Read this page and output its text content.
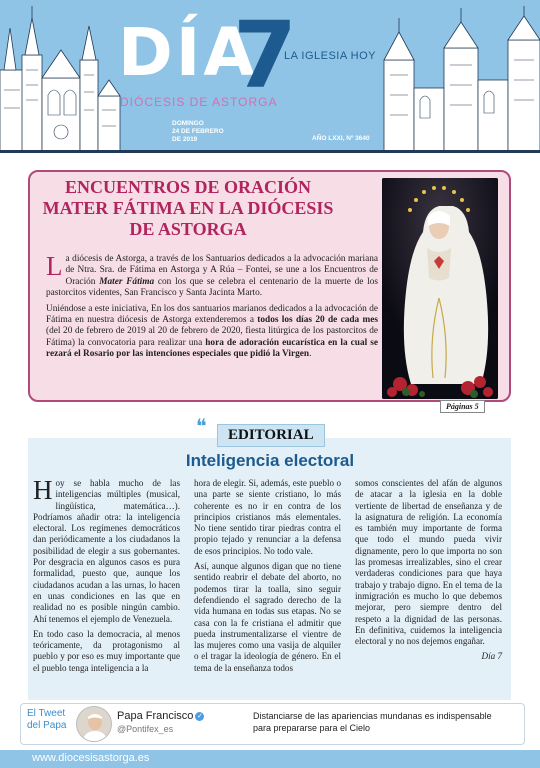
DÍA
7
LA IGLESIA HOY
DIÓCESIS DE ASTORGA
DOMINGO
24 DE FEBRERO
DE 2019	AÑO LXXI, Nº 3640
ENCUENTROS DE ORACIÓN MATER FÁTIMA EN LA DIÓCESIS DE ASTORGA

La diócesis de Astorga, a través de los Santuarios dedicados a la advocación mariana de Ntra. Sra. de Fátima en Astorga y A Rúa – Fontei, se une a los Encuentros de Oración Mater Fátima con los que se celebra el centenario de la muerte de los pastorcitos videntes, San Francisco y Santa Jacinta Marto.

Uniéndose a este iniciativa, En los dos santuarios marianos dedicados a la advocación de Fátima en nuestra diócesis de Astorga extenderemos a todos los días 20 de cada mes (del 20 de febrero de 2019 al 20 de febrero de 2020, fiesta litúrgica de los pastorcitos de Fátima) la convocatoria para realizar una hora de adoración eucarística en la cual se rezará el Rosario por las intenciones especiales que pidió la Virgen.

Páginas 5
❝	EDITORIAL
Inteligencia electoral

Hoy se habla mucho de las inteligencias múltiples (musical, lingüística, matemática…). Podríamos añadir otra: la inteligencia electoral. Los regímenes democráticos dan periódicamente a los ciudadanos la posibilidad de elegir a sus gobernantes. Por desgracia en algunos casos es pura formalidad, puesto que, aunque los ciudadanos acudan a las urnas, lo hacen en unas condiciones en las que en realidad no es posible ningún cambio. Ahí tenemos el ejemplo de Venezuela.

En todo caso la democracia, al menos teóricamente, da protagonismo al pueblo y por eso es muy importante que el pueblo tenga inteligencia a la

hora de elegir. Si, además, este pueblo o una parte se siente cristiano, lo más coherente es no ir en contra de los principios cristianos más elementales. No tiene sentido tirar piedras contra el propio tejado y renunciar a la defensa de esos principios. No todo vale.

Así, aunque algunos digan que no tiene sentido reabrir el debate del aborto, no podemos tirar la toalla, sino seguir defendiendo el sagrado derecho de la vida humana en todas sus etapas. No se casa con la fe cristiana el admitir que pueda instrumentalizarse el vientre de las mujeres como una vasija de alquiler o el tragar la ideología de género. En el tema de la enseñanza todos

somos conscientes del afán de algunos de atacar a la iglesia en la doble vertiente de libertad de enseñanza y de la asignatura de religión. La economía es también muy importante de forma que todo el mundo pueda vivir dignamente, pero lo que importa no son las promesas irrealizables, sino el crear verdaderas condiciones para que haya trabajo y trabajo digno. En el tema de la inmigración es mucho lo que debemos mejorar, pero siempre dentro del respeto a la dignidad de las personas. En definitiva, cuidemos la inteligencia electoral y no nos dejemos engañar.

Día 7

El Tweet
del Papa
Papa Francisco ✓
@Pontifex_es
Distanciarse de las apariencias mundanas es indispensable para prepararse para el Cielo
www.diocesisastorga.es
